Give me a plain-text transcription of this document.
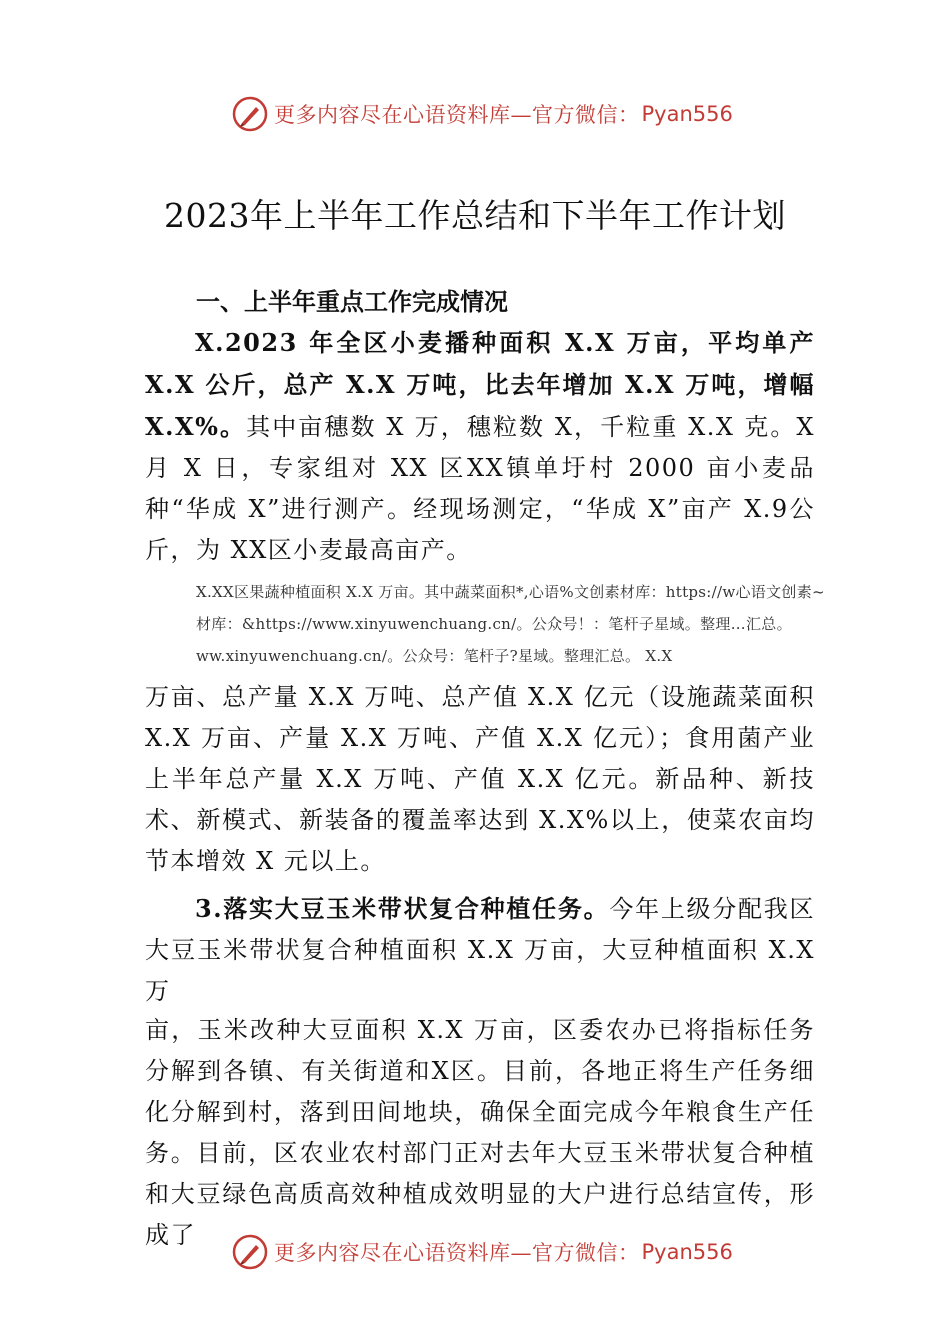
更多内容尽在心语资料库—官方微信： Pyan556
2023年上半年工作总结和下半年工作计划

一、上半年重点工作完成情况

X.2023 年全区小麦播种面积 X.X 万亩，平均单产 X.X 公斤，总产 X.X 万吨，比去年增加 X.X 万吨，增幅 X.X%。其中亩穗数 X 万，穗粒数 X，千粒重 X.X 克。X 月 X 日，专家组对 XX 区XX镇单圩村 2000 亩小麦品种“华成 X”进行测产。经现场测定，“华成 X”亩产 X.9公斤，为 XX区小麦最高亩产。

X.XX区果蔬种植面积 X.X 万亩。其中蔬菜面积*,心语%文创素材库：https://w心语文创素~材库：&https://www.xinyuwenchuang.cn/。公众号！：笔杆子星域。整理…汇总。ww.xinyuwenchuang.cn/。公众号：笔杆子?星域。整理汇总。 X.X

万亩、总产量 X.X 万吨、总产值 X.X 亿元（设施蔬菜面积 X.X 万亩、产量 X.X 万吨、产值 X.X 亿元）；食用菌产业上半年总产量 X.X 万吨、产值 X.X 亿元。新品种、新技术、新模式、新装备的覆盖率达到 X.X%以上，使菜农亩均节本增效 X 元以上。

3.落实大豆玉米带状复合种植任务。今年上级分配我区大豆玉米带状复合种植面积 X.X 万亩，大豆种植面积 X.X 万

亩，玉米改种大豆面积 X.X 万亩，区委农办已将指标任务分解到各镇、有关街道和X区。目前，各地正将生产任务细化分解到村，落到田间地块，确保全面完成今年粮食生产任务。目前，区农业农村部门正对去年大豆玉米带状复合种植和大豆绿色高质高效种植成效明显的大户进行总结宣传，形成了

更多内容尽在心语资料库—官方微信： Pyan556
